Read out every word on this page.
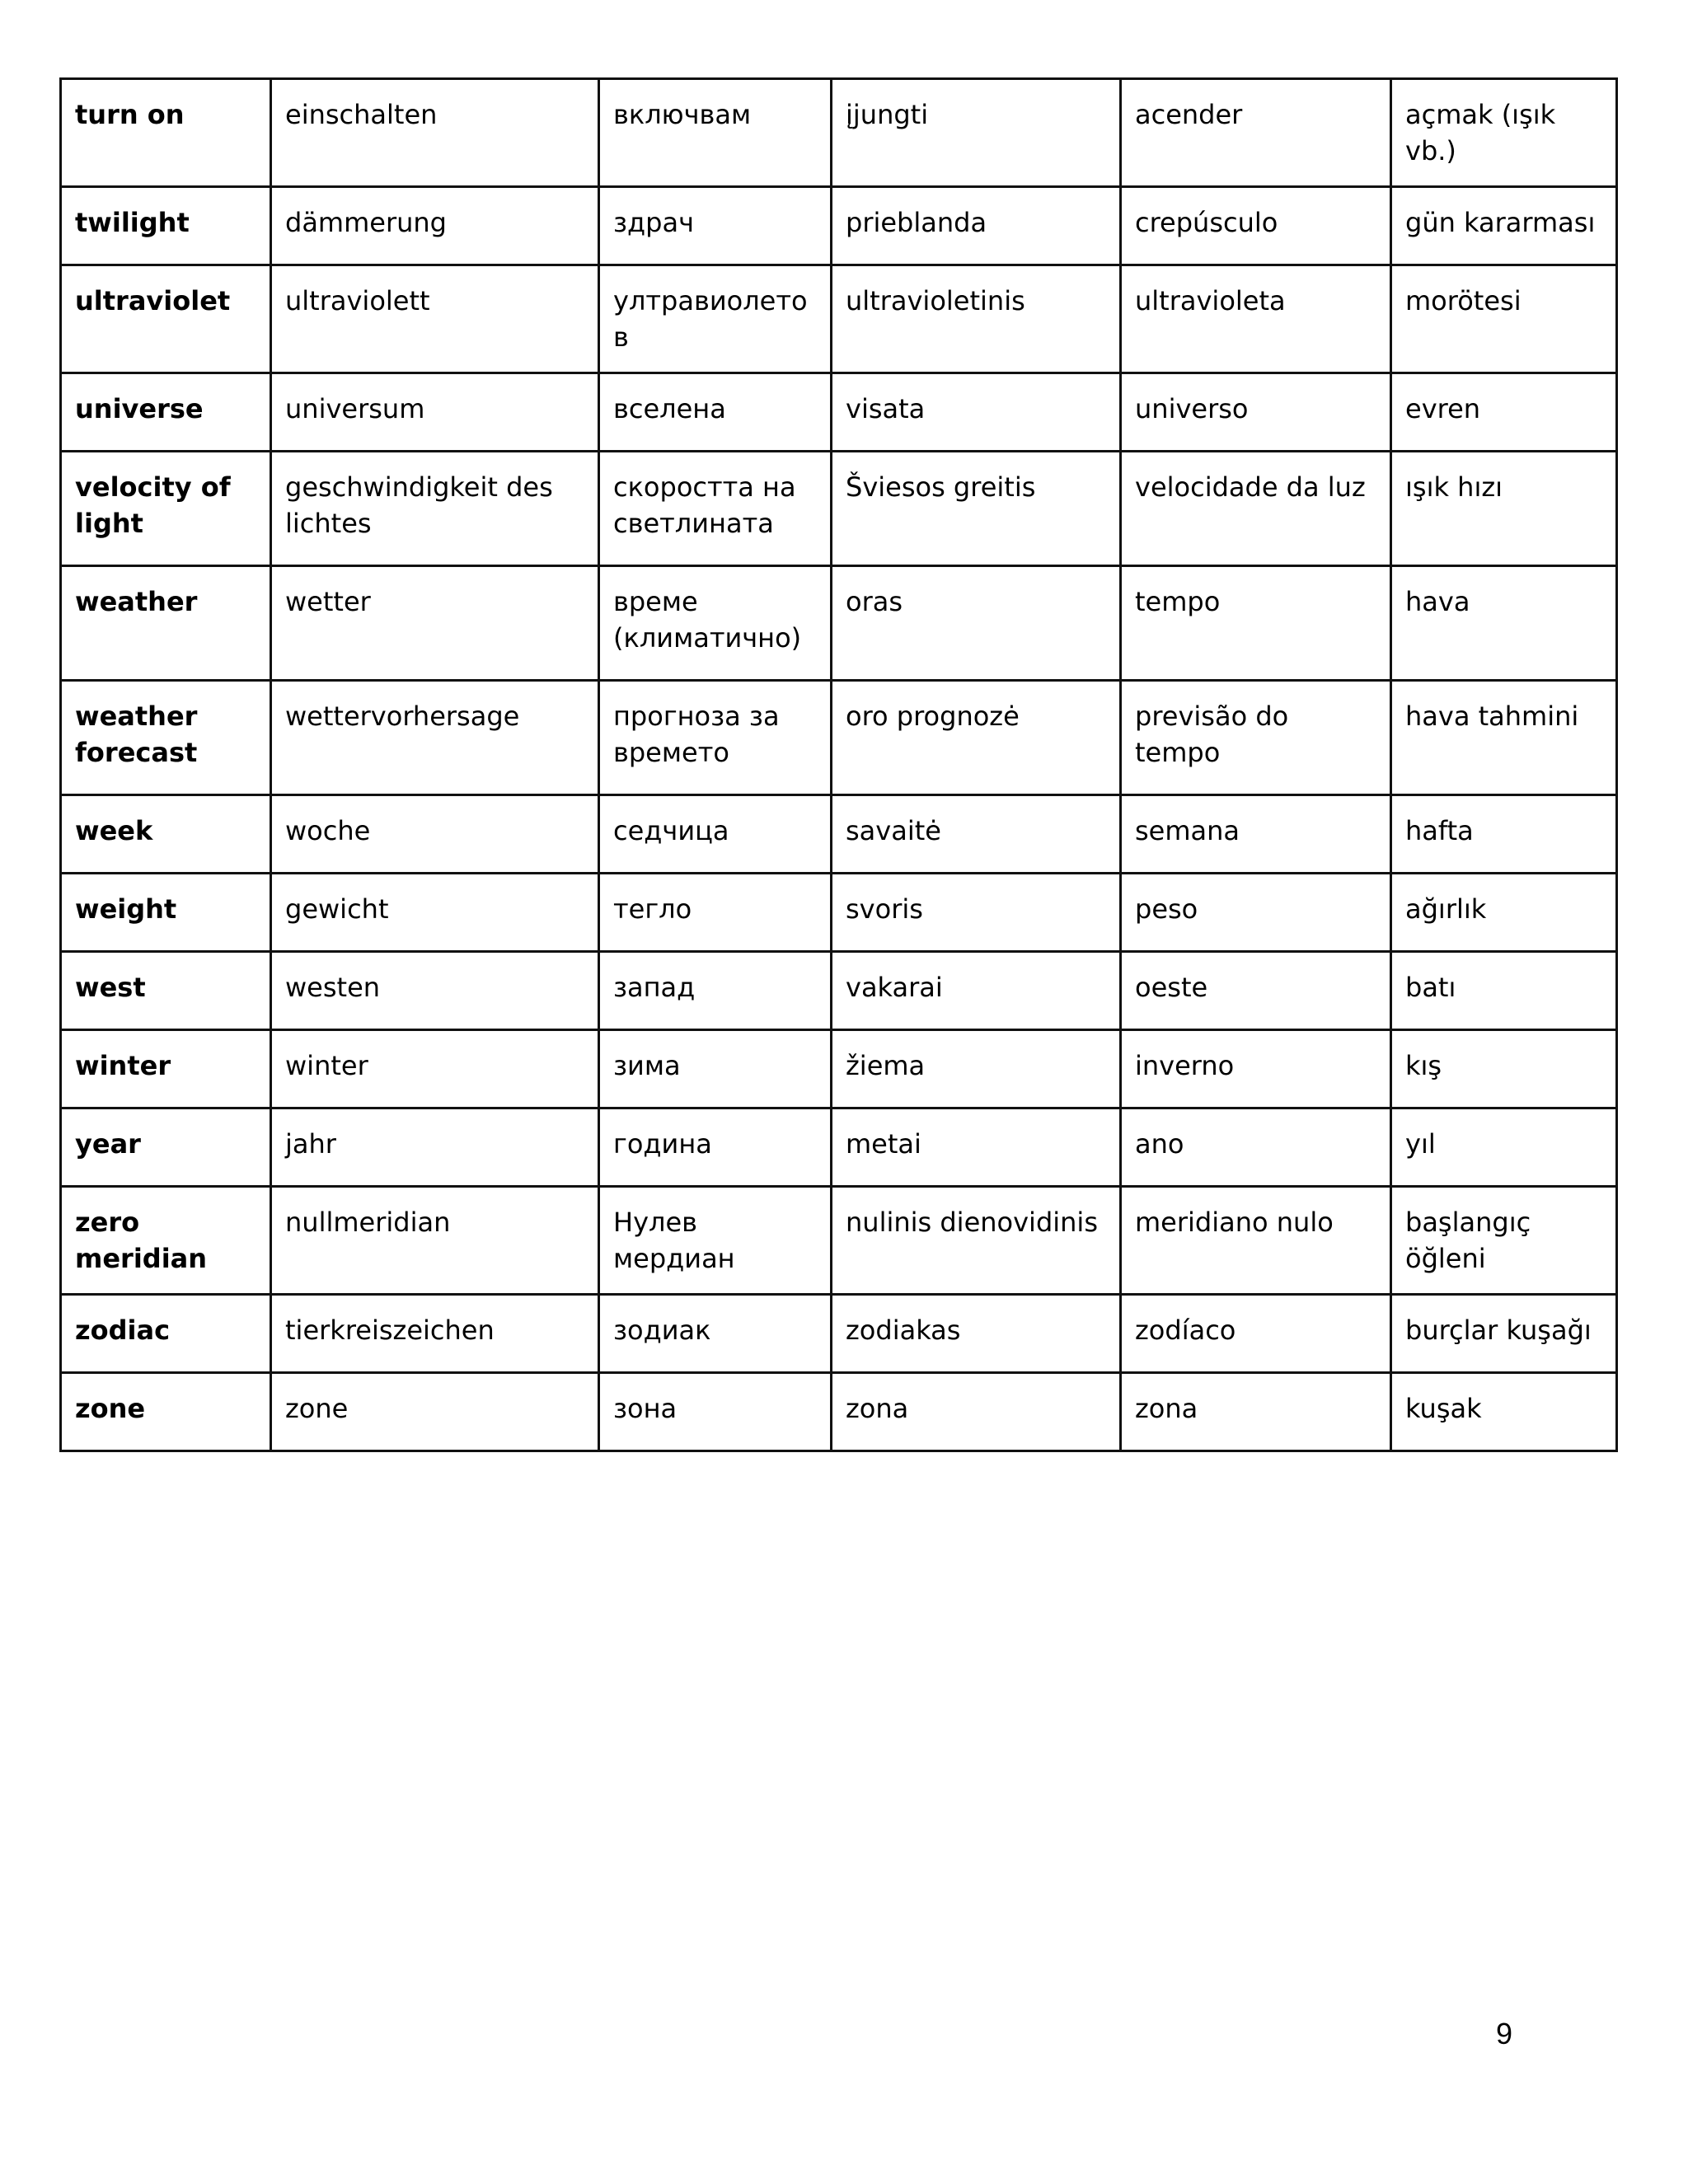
turn on	einschalten	включвам	įjungti	acender	açmak (ışık vb.)
twilight	dämmerung	здрач	prieblanda	crepúsculo	gün kararması
ultraviolet	ultraviolett	ултравиолетов	ultravioletinis	ultravioleta	morötesi
universe	universum	вселена	visata	universo	evren
velocity of light	geschwindigkeit des lichtes	скоростта на светлината	Šviesos greitis	velocidade da luz	ışık hızı
weather	wetter	време (климатично)	oras	tempo	hava
weather forecast	wettervorhersage	прогноза за времето	oro prognozė	previsão do tempo	hava tahmini
week	woche	седчица	savaitė	semana	hafta
weight	gewicht	тегло	svoris	peso	ağırlık
west	westen	запад	vakarai	oeste	batı
winter	winter	зима	žiema	inverno	kış
year	jahr	година	metai	ano	yıl
zero meridian	nullmeridian	Нулев мердиан	nulinis dienovidinis	meridiano nulo	başlangıç öğleni
zodiac	tierkreiszeichen	зодиак	zodiakas	zodíaco	burçlar kuşağı
zone	zone	зона	zona	zona	kuşak
9
